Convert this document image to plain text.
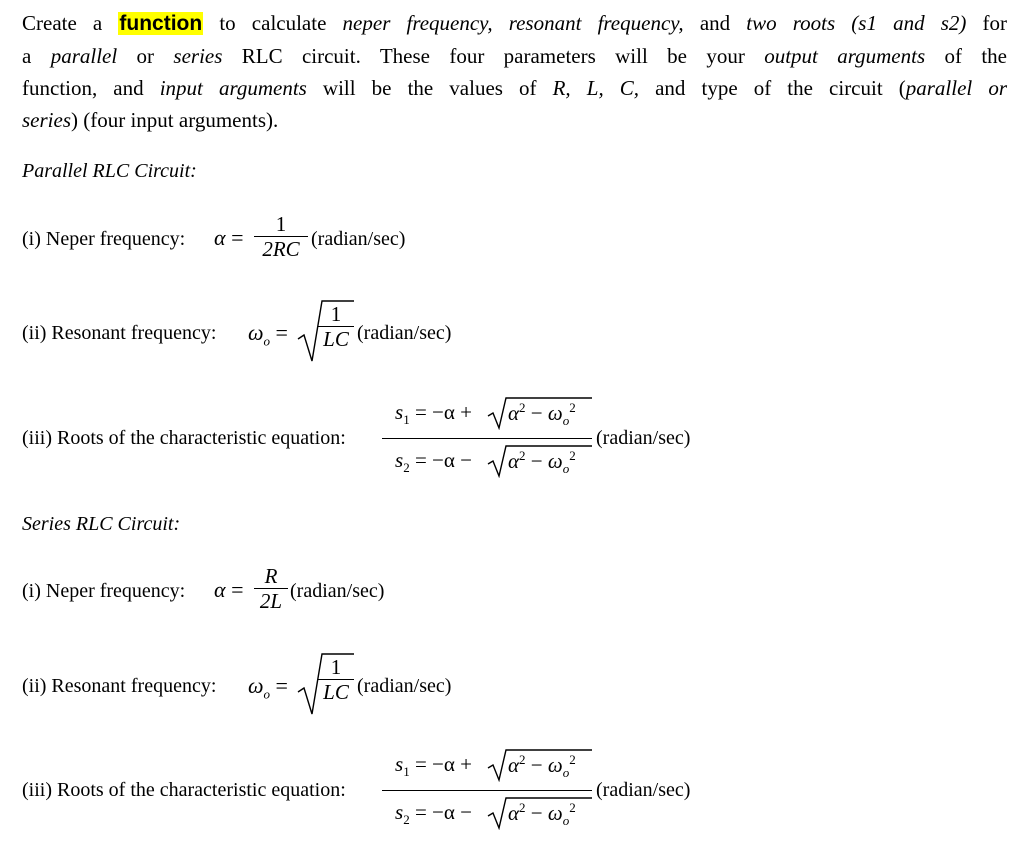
Create a function to calculate neper frequency, resonant frequency, and two roots (s1 and s2) for
a parallel or series RLC circuit. These four parameters will be your output arguments of the
function, and input arguments will be the values of R, L, C, and type of the circuit (parallel or
series) (four input arguments).
Parallel RLC Circuit:
(i) Neper frequency: α =
1
2RC (radian/sec)
(ii) Resonant frequency: $\omega_o$ =
1
LC (radian/sec)
(iii) Roots of the characteristic equation:
$s_1 = -\alpha + \alpha^2 - \omega_o^2$
(radian/sec)
$s_2 = -\alpha - \alpha^2 - \omega_o^2$
Series RLC Circuit:
(i) Neper frequency: α =
R
2L (radian/sec)
(ii) Resonant frequency: $\omega_o$ =
1
LC (radian/sec)
(iii) Roots of the characteristic equation:
$s_1 = -\alpha + \alpha^2 - \omega_o^2$
(radian/sec)
$s_2 = -\alpha - \alpha^2 - \omega_o^2$
